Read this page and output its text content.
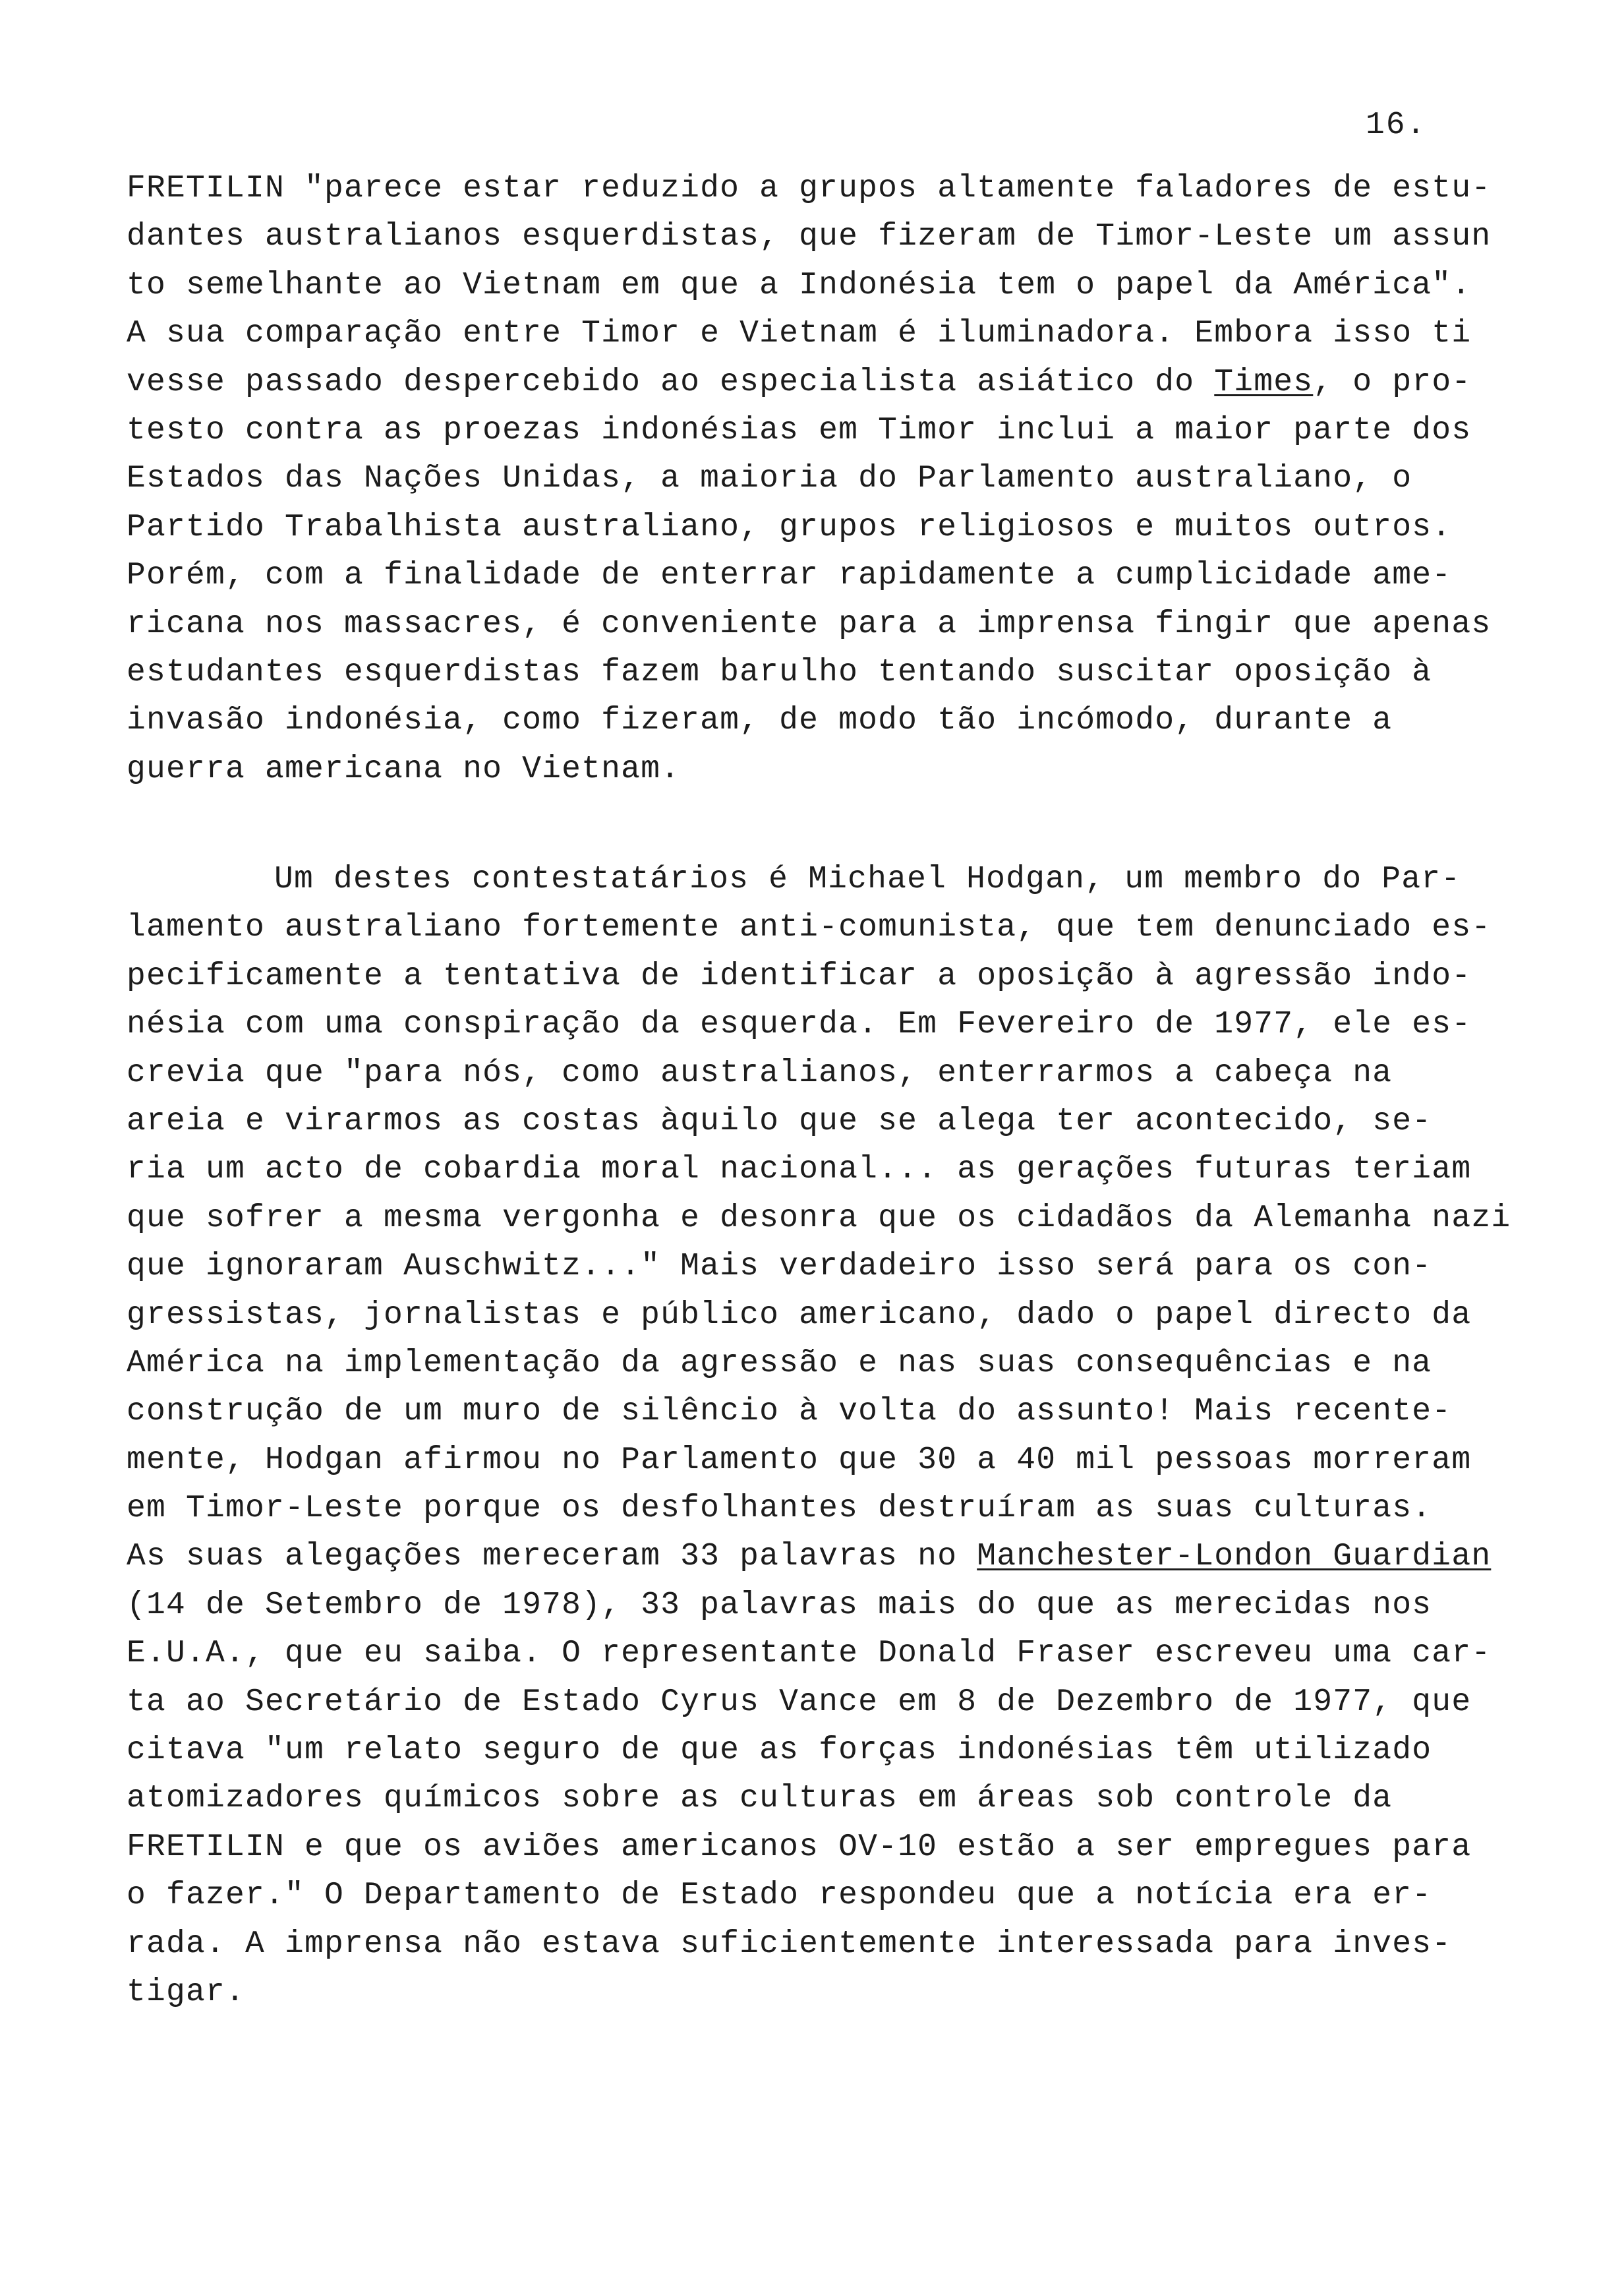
16.
FRETILIN "parece estar reduzido a grupos altamente faladores de estu-
dantes australianos esquerdistas, que fizeram de Timor-Leste um assun
to semelhante ao Vietnam em que a Indonésia tem o papel da América".
A sua comparação entre Timor e Vietnam é iluminadora. Embora isso ti
vesse passado despercebido ao especialista asiático do Times, o pro-
testo contra as proezas indonésias em Timor inclui a maior parte dos
Estados das Nações Unidas, a maioria do Parlamento australiano, o
Partido Trabalhista australiano, grupos religiosos e muitos outros.
Porém, com a finalidade de enterrar rapidamente a cumplicidade ame-
ricana nos massacres, é conveniente para a imprensa fingir que apenas
estudantes esquerdistas fazem barulho tentando suscitar oposição à
invasão indonésia, como fizeram, de modo tão incómodo, durante a
guerra americana no Vietnam.
Um destes contestatários é Michael Hodgan, um membro do Par-
lamento australiano fortemente anti-comunista, que tem denunciado es-
pecificamente a tentativa de identificar a oposição à agressão indo-
nésia com uma conspiração da esquerda. Em Fevereiro de 1977, ele es-
crevia que "para nós, como australianos, enterrarmos a cabeça na
areia e virarmos as costas àquilo que se alega ter acontecido, se-
ria um acto de cobardia moral nacional... as gerações futuras teriam
que sofrer a mesma vergonha e desonra que os cidadãos da Alemanha nazi
que ignoraram Auschwitz..." Mais verdadeiro isso será para os con-
gressistas, jornalistas e público americano, dado o papel directo da
América na implementação da agressão e nas suas consequências e na
construção de um muro de silêncio à volta do assunto! Mais recente-
mente, Hodgan afirmou no Parlamento que 30 a 40 mil pessoas morreram
em Timor-Leste porque os desfolhantes destruíram as suas culturas.
As suas alegações mereceram 33 palavras no Manchester-London Guardian
(14 de Setembro de 1978), 33 palavras mais do que as merecidas nos
E.U.A., que eu saiba. O representante Donald Fraser escreveu uma car-
ta ao Secretário de Estado Cyrus Vance em 8 de Dezembro de 1977, que
citava "um relato seguro de que as forças indonésias têm utilizado
atomizadores químicos sobre as culturas em áreas sob controle da
FRETILIN e que os aviões americanos OV-10 estão a ser empregues para
o fazer." O Departamento de Estado respondeu que a notícia era er-
rada. A imprensa não estava suficientemente interessada para inves-
tigar.
